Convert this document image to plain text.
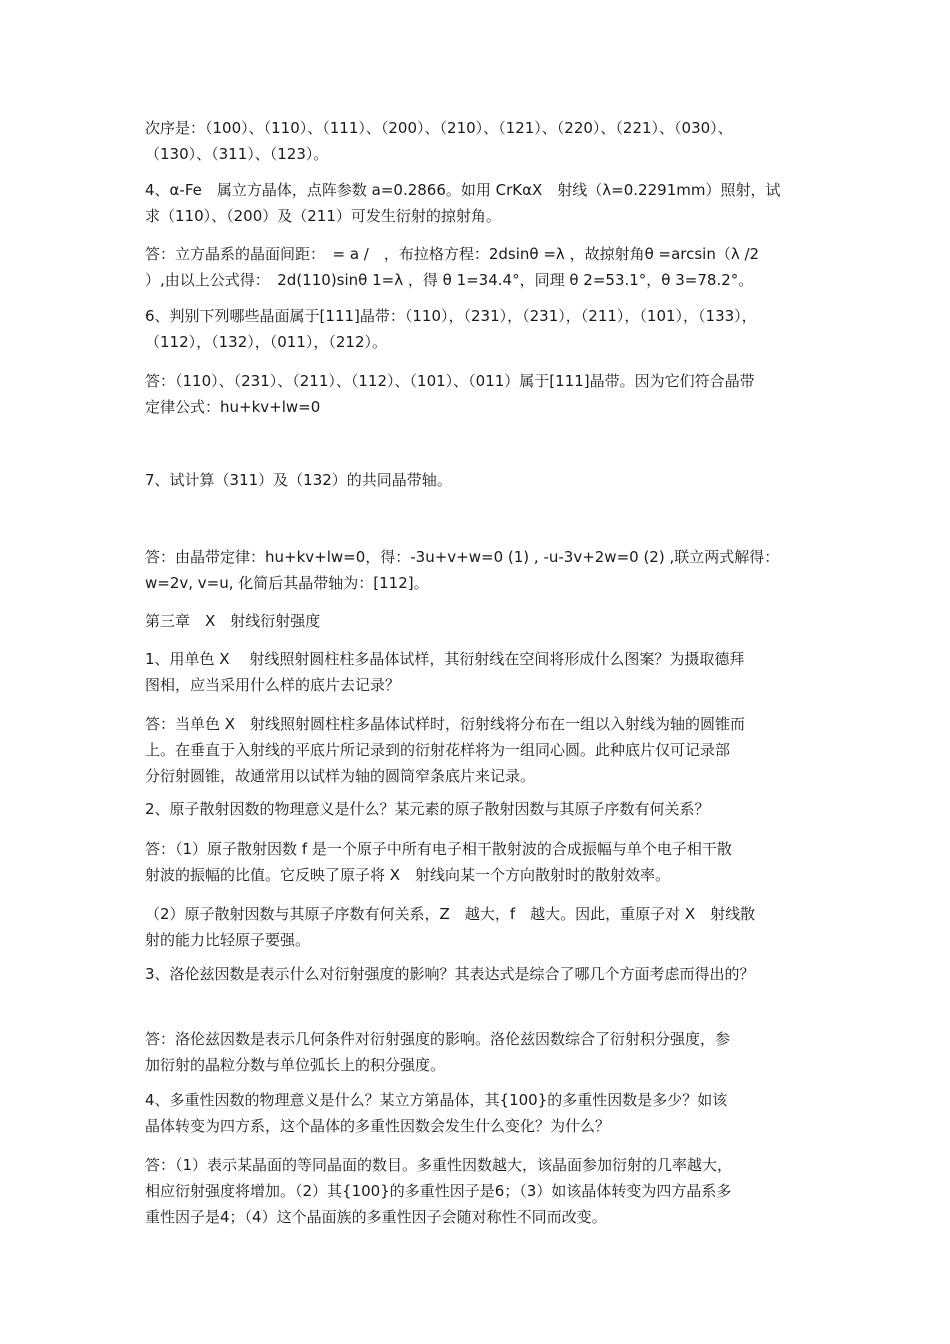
次序是：（100）、（110）、（111）、（200）、（210）、（121）、（220）、（221）、（030）、
（130）、（311）、（123）。
4、α-Fe　属立方晶体，点阵参数 a=0.2866。如用 CrKαX　射线（λ=0.2291mm）照射，试
求（110）、（200）及（211）可发生衍射的掠射角。
答：立方晶系的晶面间距：　= a /　，布拉格方程：2dsinθ =λ ，故掠射角θ =arcsin（λ /2
）,由以上公式得：　2d(110)sinθ 1=λ ，得 θ 1=34.4°，同理 θ 2=53.1°，θ 3=78.2°。
6、判别下列哪些晶面属于[111]晶带：（110），（231），（231），（211），（101），（133），
（112），（132），（011），（212）。
答：（110）、（231）、（211）、（112）、（101）、（011）属于[111]晶带。因为它们符合晶带
定律公式：hu+kv+lw=0
7、试计算（311）及（132）的共同晶带轴。
答：由晶带定律：hu+kv+lw=0，得：-3u+v+w=0 (1) , -u-3v+2w=0 (2) ,联立两式解得：
w=2v, v=u, 化简后其晶带轴为：[112]。
第三章　X　射线衍射强度
1、用单色 X　 射线照射圆柱柱多晶体试样，其衍射线在空间将形成什么图案？为摄取德拜
图相，应当采用什么样的底片去记录？
答：当单色 X　射线照射圆柱柱多晶体试样时，衍射线将分布在一组以入射线为轴的圆锥而
上。在垂直于入射线的平底片所记录到的衍射花样将为一组同心圆。此种底片仅可记录部
分衍射圆锥，故通常用以试样为轴的圆筒窄条底片来记录。
2、原子散射因数的物理意义是什么？某元素的原子散射因数与其原子序数有何关系？
答：（1）原子散射因数 f 是一个原子中所有电子相干散射波的合成振幅与单个电子相干散
射波的振幅的比值。它反映了原子将 X　射线向某一个方向散射时的散射效率。
（2）原子散射因数与其原子序数有何关系，Z　越大，f　越大。因此，重原子对 X　射线散
射的能力比轻原子要强。
3、洛伦兹因数是表示什么对衍射强度的影响？其表达式是综合了哪几个方面考虑而得出的？
答：洛伦兹因数是表示几何条件对衍射强度的影响。洛伦兹因数综合了衍射积分强度，参
加衍射的晶粒分数与单位弧长上的积分强度。
4、多重性因数的物理意义是什么？某立方第晶体，其{100}的多重性因数是多少？如该
晶体转变为四方系，这个晶体的多重性因数会发生什么变化？为什么？
答：（1）表示某晶面的等同晶面的数目。多重性因数越大，该晶面参加衍射的几率越大，
相应衍射强度将增加。（2）其{100}的多重性因子是6；（3）如该晶体转变为四方晶系多
重性因子是4；（4）这个晶面族的多重性因子会随对称性不同而改变。
